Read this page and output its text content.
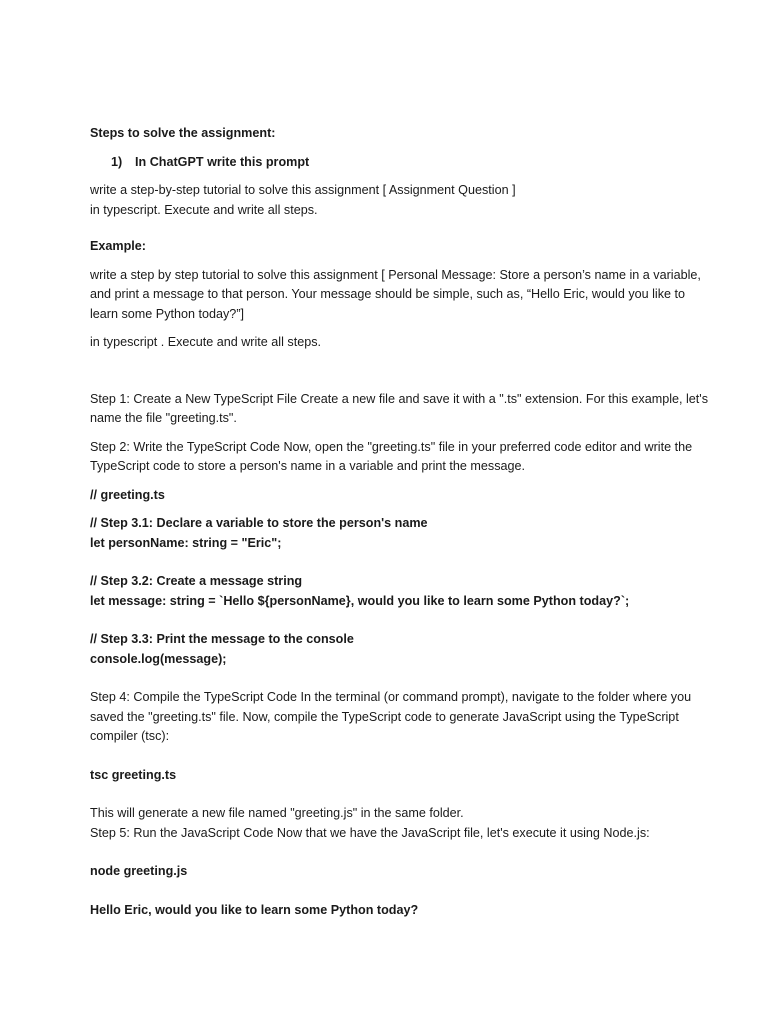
Steps to solve the assignment:

1) In ChatGPT write this prompt

write a step-by-step tutorial to solve this assignment [ Assignment Question ]

in typescript. Execute and write all steps.

Example:

write a step by step tutorial to solve this assignment [ Personal Message: Store a person’s name in a variable, and print a message to that person. Your message should be simple, such as, “Hello Eric, would you like to learn some Python today?”]

in typescript . Execute and write all steps.

Step 1: Create a New TypeScript File Create a new file and save it with a ".ts" extension. For this example, let's name the file "greeting.ts".

Step 2: Write the TypeScript Code Now, open the "greeting.ts" file in your preferred code editor and write the TypeScript code to store a person's name in a variable and print the message.

// greeting.ts

// Step 3.1: Declare a variable to store the person's name

let personName: string = "Eric";

// Step 3.2: Create a message string

let message: string = `Hello ${personName}, would you like to learn some Python today?`;

// Step 3.3: Print the message to the console

console.log(message);

Step 4: Compile the TypeScript Code In the terminal (or command prompt), navigate to the folder where you saved the "greeting.ts" file. Now, compile the TypeScript code to generate JavaScript using the TypeScript compiler (tsc):

tsc greeting.ts

This will generate a new file named "greeting.js" in the same folder.

Step 5: Run the JavaScript Code Now that we have the JavaScript file, let's execute it using Node.js:

node greeting.js

Hello Eric, would you like to learn some Python today?
